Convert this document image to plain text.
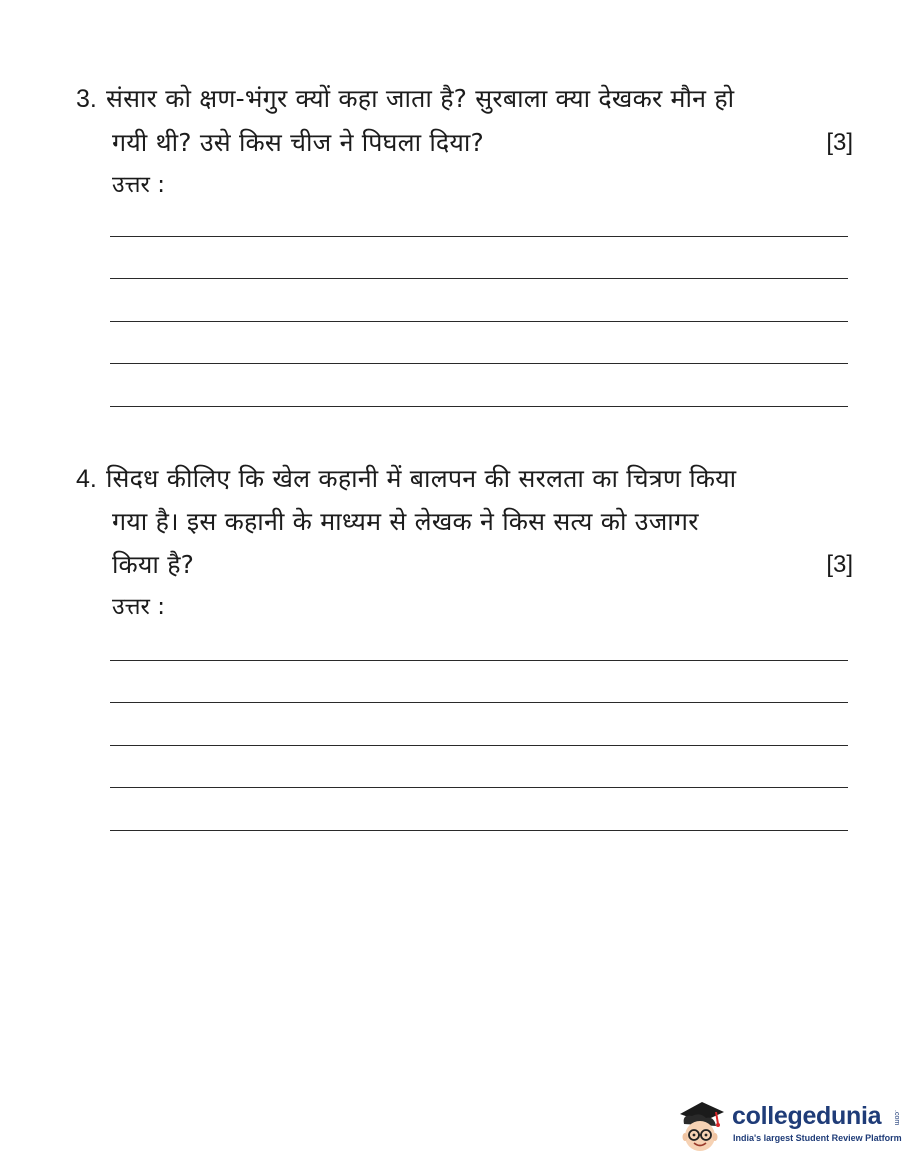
3. संसार को क्षण-भंगुर क्यों कहा जाता है? सुरबाला क्या देखकर मौन हो
गयी थी? उसे किस चीज ने पिघला दिया?	[3]
उत्तर :
4. सिदध कीलिए कि खेल कहानी में बालपन की सरलता का चित्रण किया
गया है। इस कहानी के माध्यम से लेखक ने किस सत्य को उजागर
किया है?	[3]
उत्तर :
collegedunia .com
India's largest Student Review Platform
